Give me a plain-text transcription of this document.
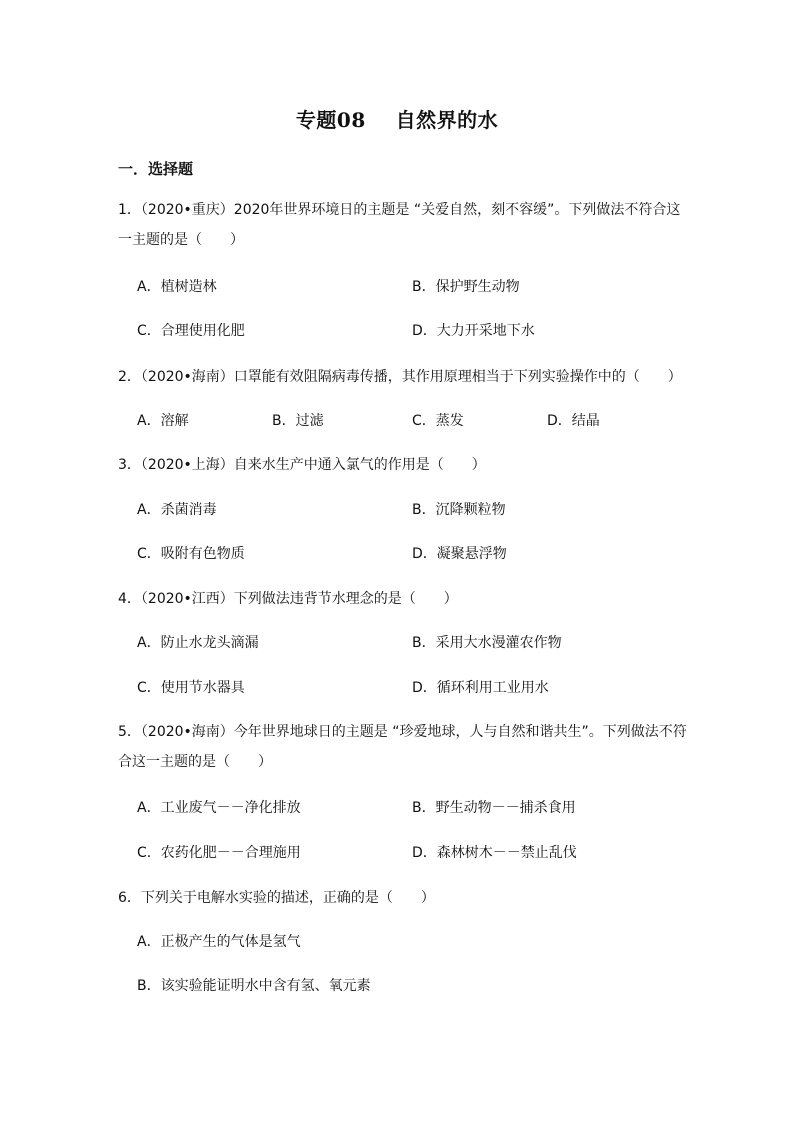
专题08    自然界的水
一．选择题
1．（2020•重庆）2020年世界环境日的主题是 “关爱自然，刻不容缓”。下列做法不符合这
一主题的是（　　）
A．植树造林	B．保护野生动物
C．合理使用化肥	D．大力开采地下水
2．（2020•海南）口罩能有效阻隔病毒传播，其作用原理相当于下列实验操作中的（　　）
A．溶解	B．过滤	C．蒸发	D．结晶
3．（2020•上海）自来水生产中通入氯气的作用是（　　）
A．杀菌消毒	B．沉降颗粒物
C．吸附有色物质	D．凝聚悬浮物
4．（2020•江西）下列做法违背节水理念的是（　　）
A．防止水龙头滴漏	B．采用大水漫灌农作物
C．使用节水器具	D．循环利用工业用水
5．（2020•海南）今年世界地球日的主题是 “珍爱地球，人与自然和谐共生”。下列做法不符
合这一主题的是（　　）
A．工业废气－－净化排放	B．野生动物－－捕杀食用
C．农药化肥－－合理施用	D．森林树木－－禁止乱伐
6．下列关于电解水实验的描述，正确的是（　　）
A．正极产生的气体是氢气
B．该实验能证明水中含有氢、氧元素
